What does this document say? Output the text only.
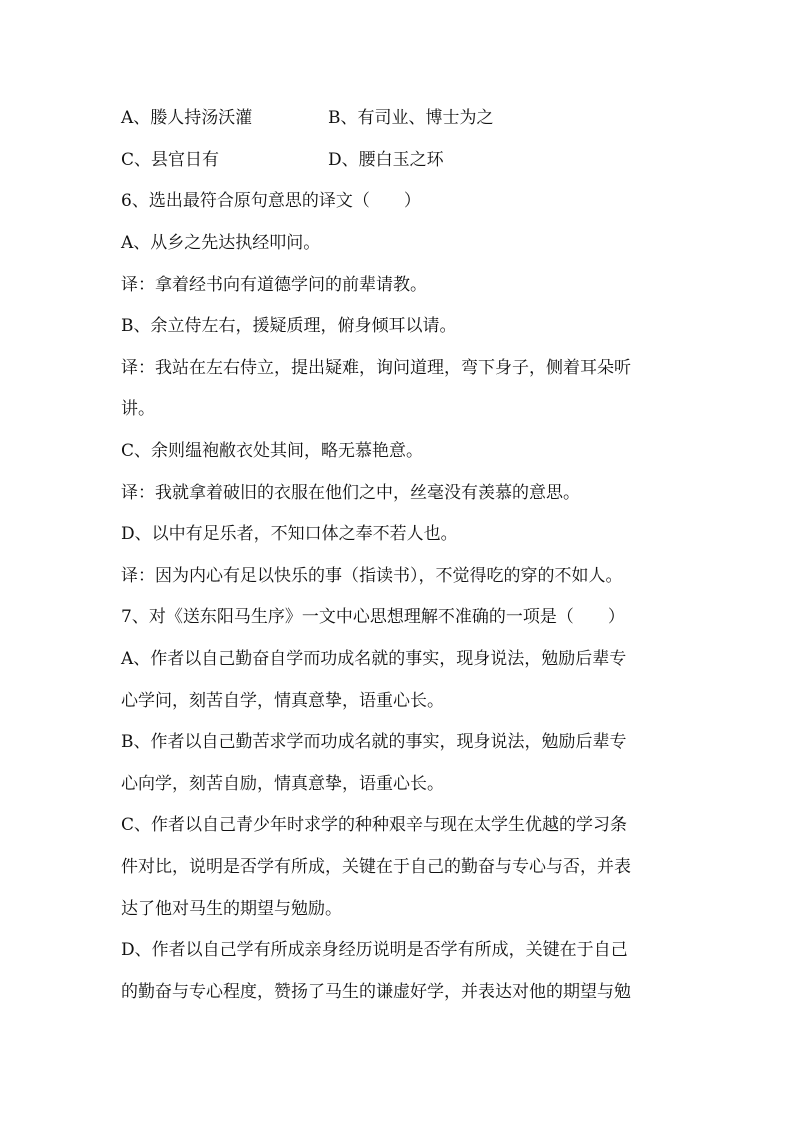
A、媵人持汤沃灌	B、有司业、博士为之
C、县官日有	D、腰白玉之环
6、选出最符合原句意思的译文（　　）
A、从乡之先达执经叩问。
译：拿着经书向有道德学问的前辈请教。
B、余立侍左右，援疑质理，俯身倾耳以请。
译：我站在左右侍立，提出疑难，询问道理，弯下身子，侧着耳朵听
讲。
C、余则缊袍敝衣处其间，略无慕艳意。
译：我就拿着破旧的衣服在他们之中，丝毫没有羡慕的意思。
D、以中有足乐者，不知口体之奉不若人也。
译：因为内心有足以快乐的事（指读书），不觉得吃的穿的不如人。
7、对《送东阳马生序》一文中心思想理解不准确的一项是（　　）
A、作者以自己勤奋自学而功成名就的事实，现身说法，勉励后辈专
心学问，刻苦自学，情真意挚，语重心长。
B、作者以自己勤苦求学而功成名就的事实，现身说法，勉励后辈专
心向学，刻苦自励，情真意挚，语重心长。
C、作者以自己青少年时求学的种种艰辛与现在太学生优越的学习条
件对比，说明是否学有所成，关键在于自己的勤奋与专心与否，并表
达了他对马生的期望与勉励。
D、作者以自己学有所成亲身经历说明是否学有所成，关键在于自己
的勤奋与专心程度，赞扬了马生的谦虚好学，并表达对他的期望与勉
